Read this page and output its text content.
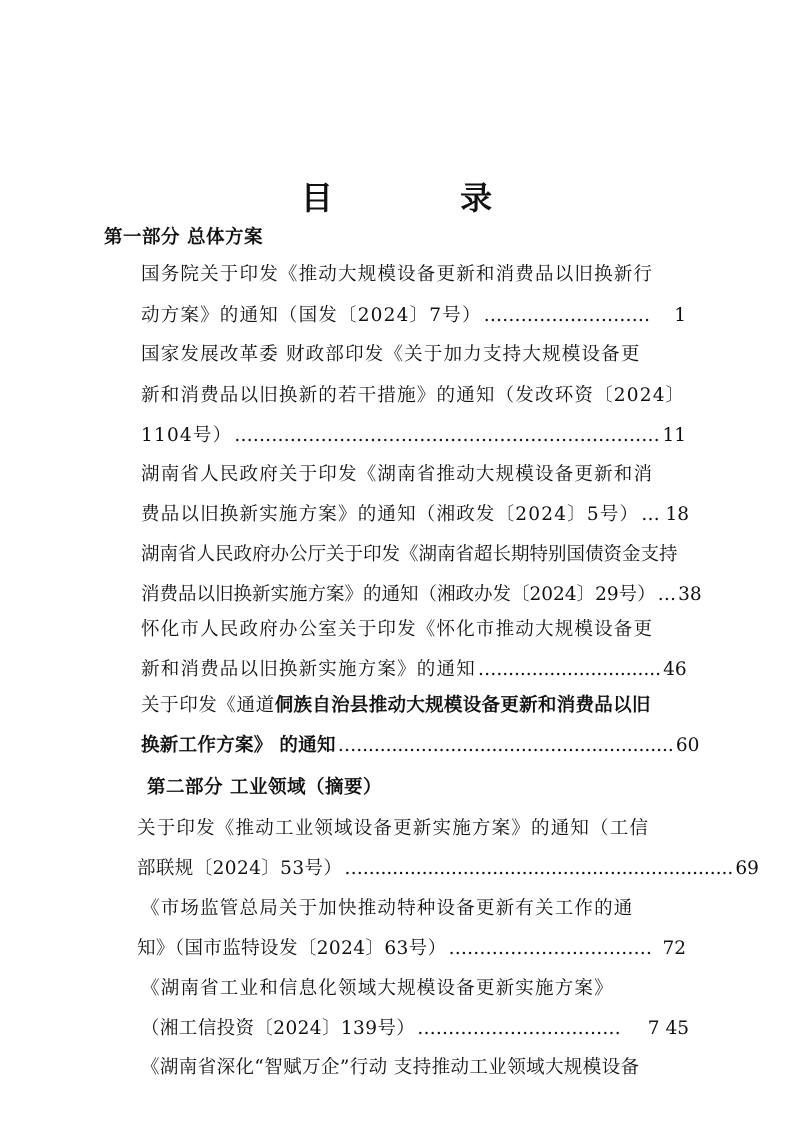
目 录
第一部分 总体方案
国务院关于印发《推动大规模设备更新和消费品以旧换新行
动方案》的通知（国发〔2024〕7号） ………………………	1
国家发展改革委 财政部印发《关于加力支持大规模设备更
新和消费品以旧换新的若干措施》的通知（发改环资〔2024〕
1104号） …………………………………………………………… 11
湖南省人民政府关于印发《湖南省推动大规模设备更新和消
费品以旧换新实施方案》的通知（湘政发〔2024〕5号） … 18
湖南省人民政府办公厅关于印发《湖南省超长期特别国债资金支持
消费品以旧换新实施方案》的通知（湘政办发〔2024〕29号） … 38
怀化市人民政府办公室关于印发《怀化市推动大规模设备更
新和消费品以旧换新实施方案》的通知 …............................ 46
关于印发《通道侗族自治县推动大规模设备更新和消费品以旧
换新工作方案》 的通知 …...................................................... 60
第二部分 工业领域（摘要）
关于印发《推动工业领域设备更新实施方案》的通知（工信
部联规〔2024〕53号） …............................................................... 69
《市场监管总局关于加快推动特种设备更新有关工作的通
知》（国市监特设发〔2024〕63号） …………………………… 72
《湖南省工业和信息化领域大规模设备更新实施方案》
（湘工信投资〔2024〕139号） ……………………………	7 45
《湖南省深化“智赋万企”行动 支持推动工业领域大规模设备
